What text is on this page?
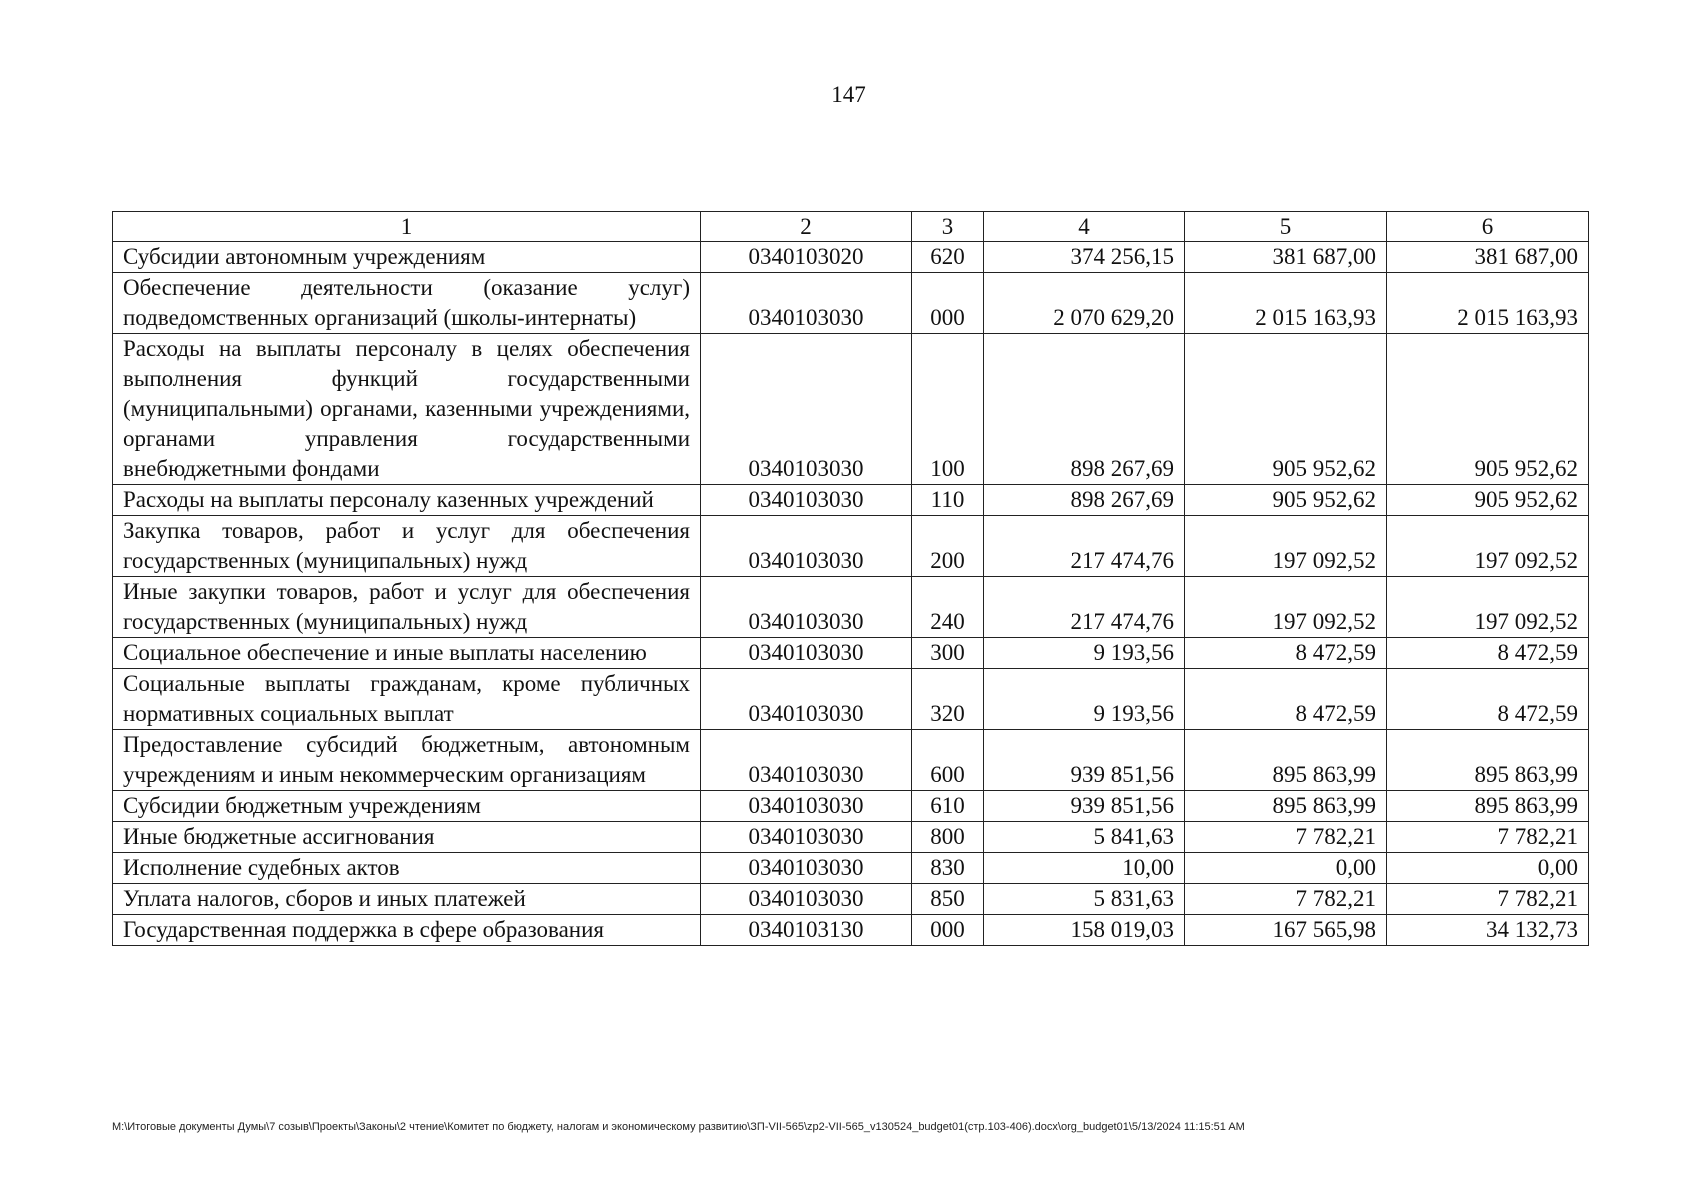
147
1	2	3	4	5	6
Субсидии автономным учреждениям	0340103020	620	374 256,15	381 687,00	381 687,00
Обеспечение деятельности (оказание услуг) подведомственных организаций (школы-интернаты)	0340103030	000	2 070 629,20	2 015 163,93	2 015 163,93
Расходы на выплаты персоналу в целях обеспечения выполнения функций государственными (муниципальными) органами, казенными учреждениями, органами управления государственными внебюджетными фондами	0340103030	100	898 267,69	905 952,62	905 952,62
Расходы на выплаты персоналу казенных учреждений	0340103030	110	898 267,69	905 952,62	905 952,62
Закупка товаров, работ и услуг для обеспечения государственных (муниципальных) нужд	0340103030	200	217 474,76	197 092,52	197 092,52
Иные закупки товаров, работ и услуг для обеспечения государственных (муниципальных) нужд	0340103030	240	217 474,76	197 092,52	197 092,52
Социальное обеспечение и иные выплаты населению	0340103030	300	9 193,56	8 472,59	8 472,59
Социальные выплаты гражданам, кроме публичных нормативных социальных выплат	0340103030	320	9 193,56	8 472,59	8 472,59
Предоставление субсидий бюджетным, автономным учреждениям и иным некоммерческим организациям	0340103030	600	939 851,56	895 863,99	895 863,99
Субсидии бюджетным учреждениям	0340103030	610	939 851,56	895 863,99	895 863,99
Иные бюджетные ассигнования	0340103030	800	5 841,63	7 782,21	7 782,21
Исполнение судебных актов	0340103030	830	10,00	0,00	0,00
Уплата налогов, сборов и иных платежей	0340103030	850	5 831,63	7 782,21	7 782,21
Государственная поддержка в сфере образования	0340103130	000	158 019,03	167 565,98	34 132,73
M:\Итоговые документы Думы\7 созыв\Проекты\Законы\2 чтение\Комитет по бюджету, налогам и экономическому развитию\ЗП-VII-565\zp2-VII-565_v130524_budget01(стр.103-406).docx\org_budget01\5/13/2024 11:15:51 AM
